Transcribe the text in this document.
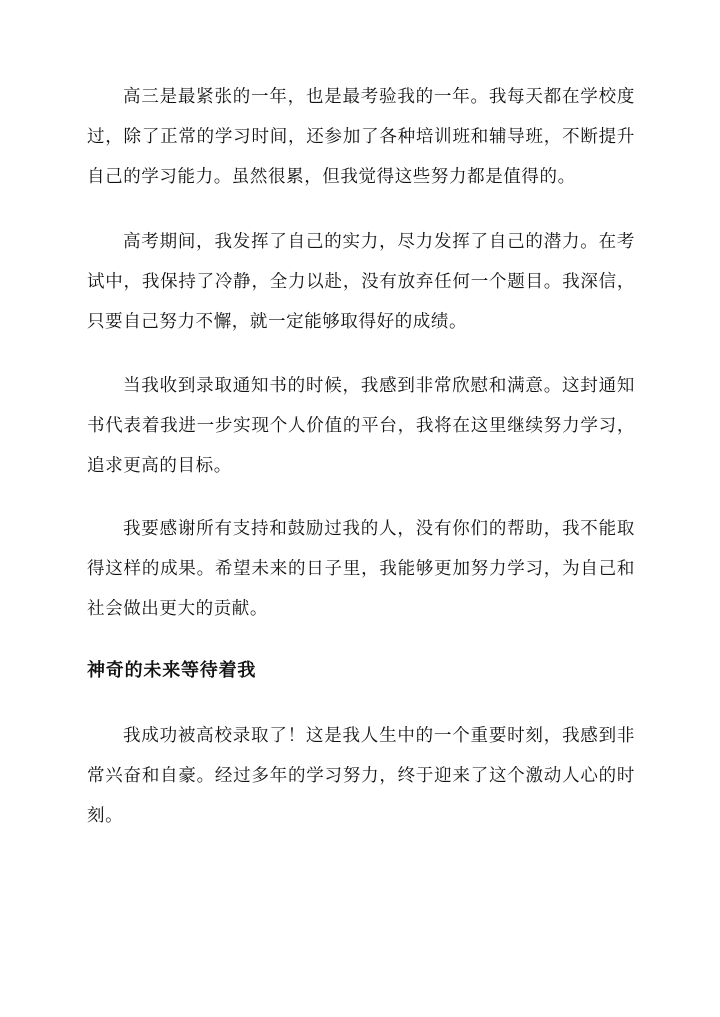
高三是最紧张的一年，也是最考验我的一年。我每天都在学校度过，除了正常的学习时间，还参加了各种培训班和辅导班，不断提升自己的学习能力。虽然很累，但我觉得这些努力都是值得的。

高考期间，我发挥了自己的实力，尽力发挥了自己的潜力。在考试中，我保持了冷静，全力以赴，没有放弃任何一个题目。我深信，只要自己努力不懈，就一定能够取得好的成绩。

当我收到录取通知书的时候，我感到非常欣慰和满意。这封通知书代表着我进一步实现个人价值的平台，我将在这里继续努力学习，追求更高的目标。

我要感谢所有支持和鼓励过我的人，没有你们的帮助，我不能取得这样的成果。希望未来的日子里，我能够更加努力学习，为自己和社会做出更大的贡献。

神奇的未来等待着我

我成功被高校录取了！这是我人生中的一个重要时刻，我感到非常兴奋和自豪。经过多年的学习努力，终于迎来了这个激动人心的时刻。
